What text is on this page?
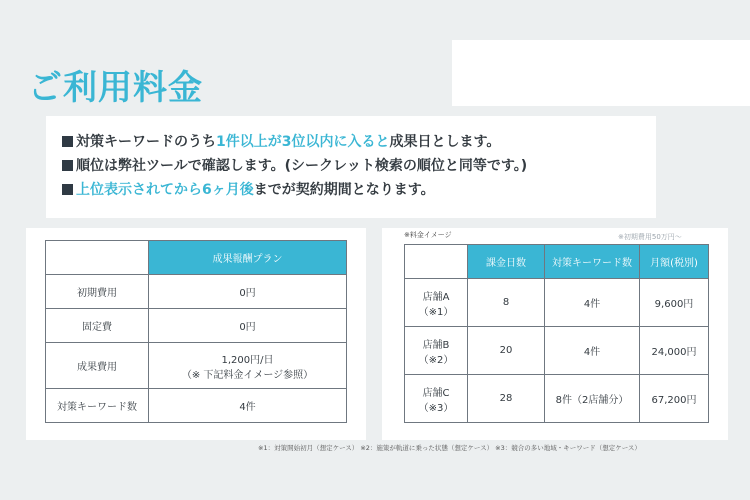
ご利用料金
対策キーワードのうち1件以上が3位以内に入ると成果日とします。
順位は弊社ツールで確認します。(シークレット検索の順位と同等です。)
上位表示されてから6ヶ月後までが契約期間となります。
	成果報酬プラン
初期費用	0円
固定費	0円
成果費用	1,200円/日
（※ 下記料金イメージ参照）

対策キーワード数	4件
※料金イメージ	※初期費用50万円～
	課金日数	対策キーワード数	月額(税別)

店舗A
（※1）	8	4件	9,600円

店舗B
（※2）	20	4件	24,000円

店舗C
（※3）	28	8件（2店舗分）	67,200円
※1：対策開始初月（想定ケース） ※2：施策が軌道に乗った状態（想定ケース） ※3：競合の多い地域・キーワード（想定ケース）
